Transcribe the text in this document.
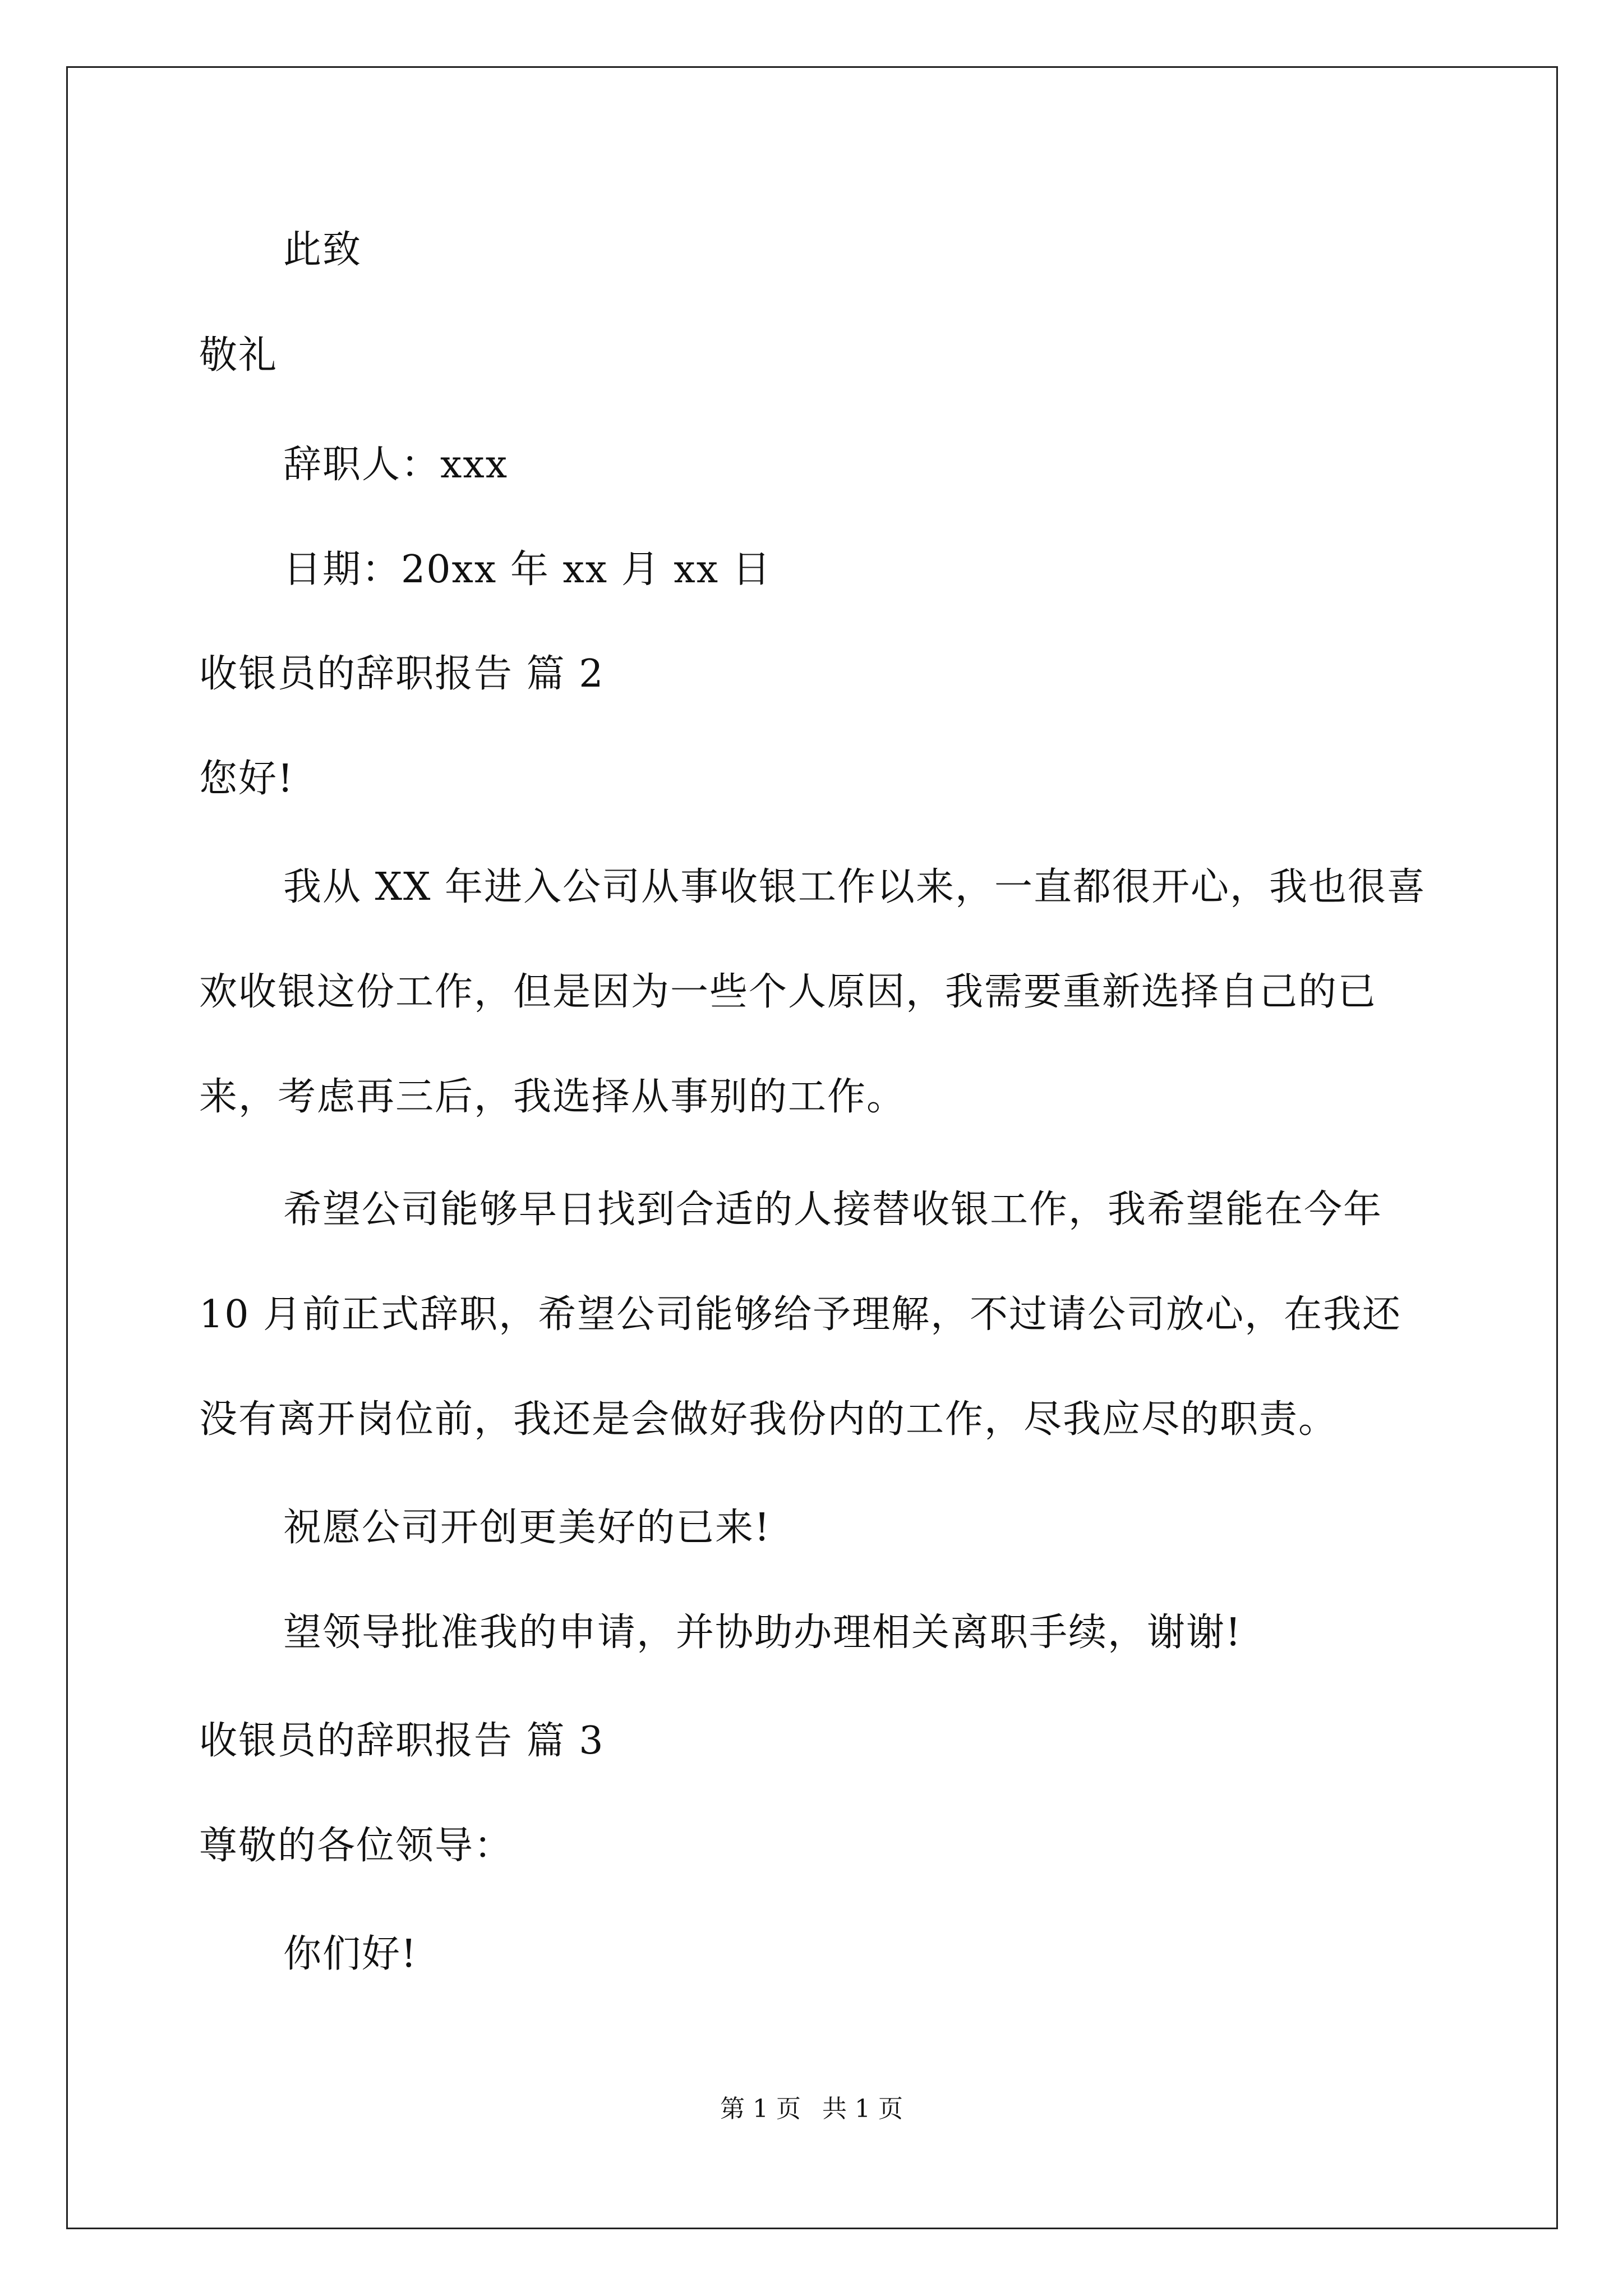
此致
敬礼
辞职人：xxx
日期：20xx 年 xx 月 xx 日
收银员的辞职报告 篇 2
您好!
我从 XX 年进入公司从事收银工作以来，一直都很开心，我也很喜
欢收银这份工作，但是因为一些个人原因，我需要重新选择自己的已
来，考虑再三后，我选择从事别的工作。
希望公司能够早日找到合适的人接替收银工作，我希望能在今年
10 月前正式辞职，希望公司能够给予理解，不过请公司放心，在我还
没有离开岗位前，我还是会做好我份内的工作，尽我应尽的职责。
祝愿公司开创更美好的已来!
望领导批准我的申请，并协助办理相关离职手续，谢谢!
收银员的辞职报告 篇 3
尊敬的各位领导：
你们好!
第 1 页 共 1 页
